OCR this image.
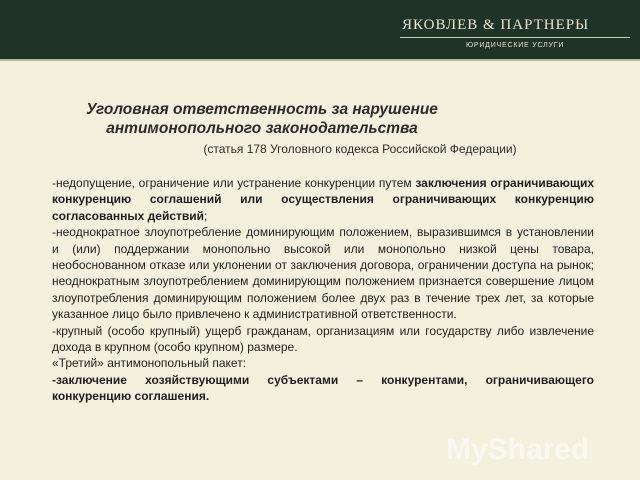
ЯКОВЛЕВ & ПАРТНЕРЫ
ЮРИДИЧЕСКИЕ УСЛУГИ
Уголовная ответственность за нарушение
антимонопольного законодательства
(статья 178 Уголовного кодекса Российской Федерации)

-недопущение, ограничение или устранение конкуренции путем заключения ограничивающих конкуренцию соглашений или осуществления ограничивающих конкуренцию согласованных действий;

-неоднократное злоупотребление доминирующим положением, выразившимся в установлении и (или) поддержании монопольно высокой или монопольно низкой цены товара, необоснованном отказе или уклонении от заключения договора, ограничении доступа на рынок; неоднократным злоупотреблением доминирующим положением признается совершение лицом злоупотребления доминирующим положением более двух раз в течение трех лет, за которые указанное лицо было привлечено к административной ответственности.

-крупный (особо крупный) ущерб гражданам, организациям или государству либо извлечение дохода в крупном (особо крупном) размере.

«Третий» антимонопольный пакет:

-заключение хозяйствующими субъектами – конкурентами, ограничивающего конкуренцию соглашения.

MyShared
